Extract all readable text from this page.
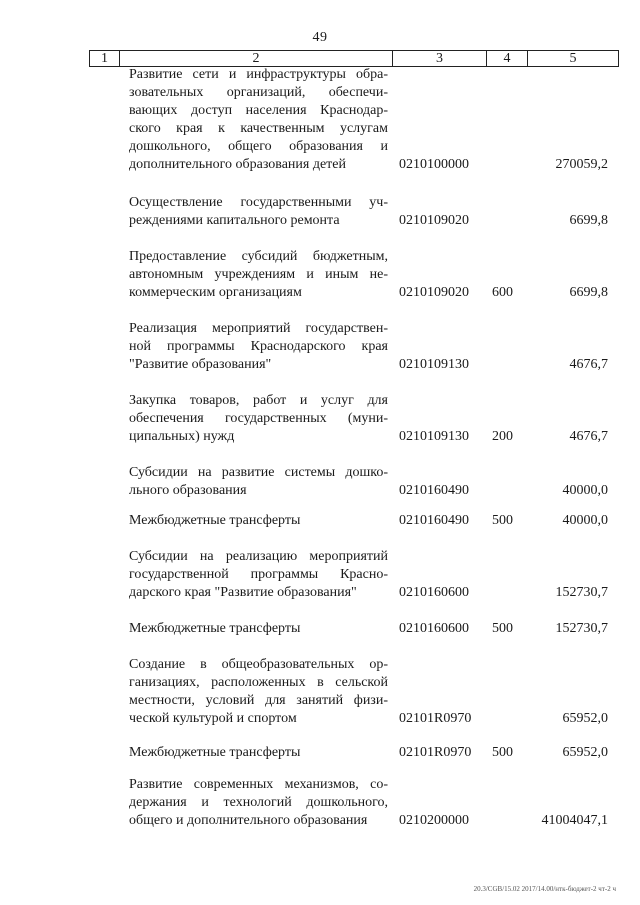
49
1	2	3	4	5
Развитие сети и инфраструктуры обра-
зовательных организаций, обеспечи-
вающих доступ населения Краснодар-
ского края к качественным услугам
дошкольного, общего образования и
дополнительного образования детей	0210100000	270059,2
Осуществление государственными уч-
реждениями капитального ремонта	0210109020	6699,8
Предоставление субсидий бюджетным,
автономным учреждениям и иным не-
коммерческим организациям	0210109020 600	6699,8
Реализация мероприятий государствен-
ной программы Краснодарского края
"Развитие образования"	0210109130	4676,7
Закупка товаров, работ и услуг для
обеспечения государственных (муни-
ципальных) нужд	0210109130 200	4676,7
Субсидии на развитие системы дошко-
льного образования	0210160490	40000,0
Межбюджетные трансферты	0210160490 500	40000,0
Субсидии на реализацию мероприятий
государственной программы Красно-
дарского края "Развитие образования"	0210160600	152730,7
Межбюджетные трансферты	0210160600 500	152730,7
Создание в общеобразовательных ор-
ганизациях, расположенных в сельской
местности, условий для занятий физи-
ческой культурой и спортом	02101R0970	65952,0
Межбюджетные трансферты	02101R0970 500	65952,0
Развитие современных механизмов, со-
держания и технологий дошкольного,
общего и дополнительного образования	0210200000	41004047,1
20.3/CGB/15.02 2017/14.00/нтк-бюджет-2 чт-2 ч
